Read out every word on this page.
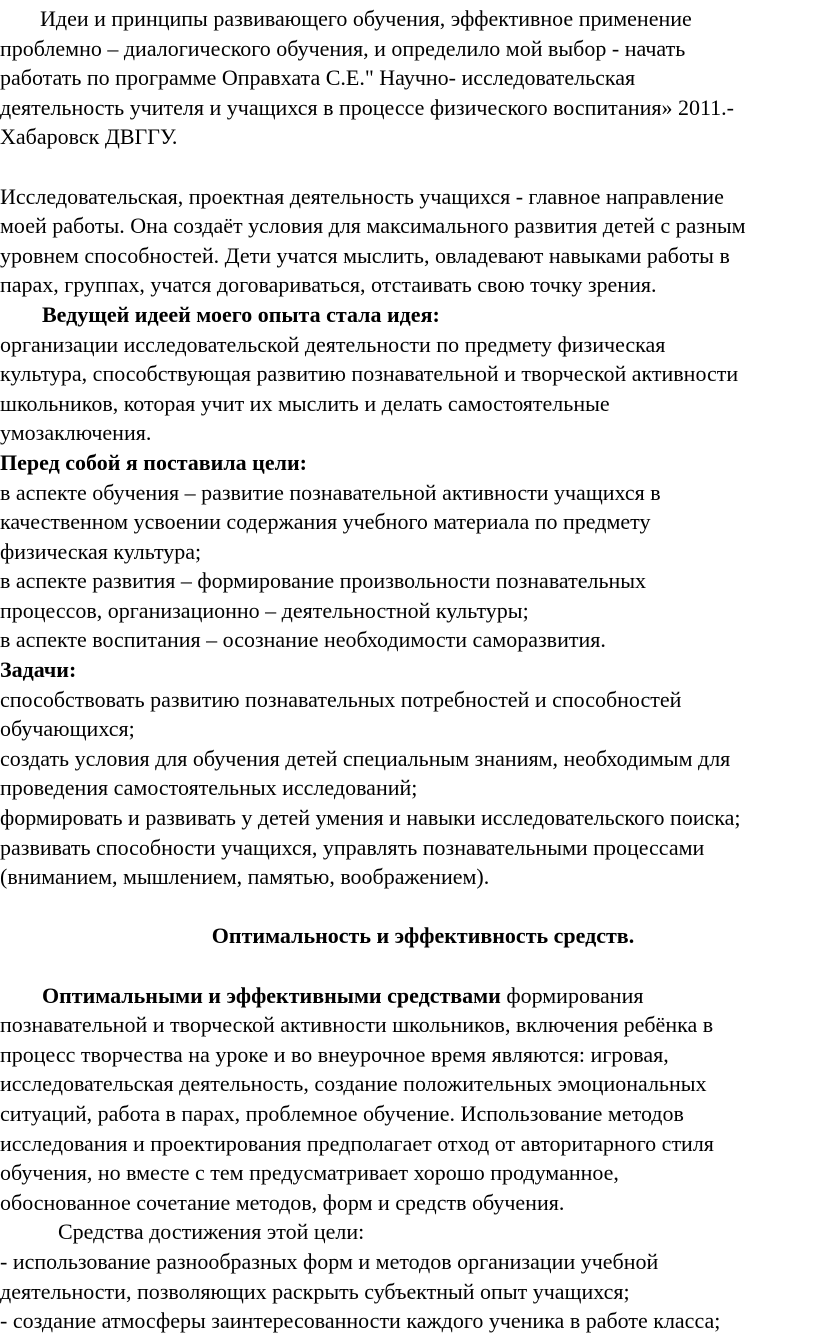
Идеи и принципы развивающего обучения, эффективное применение
проблемно – диалогического обучения, и определило мой выбор - начать
работать по программе Оправхата С.Е." Научно- исследовательская
деятельность учителя и учащихся в процессе физического воспитания» 2011.-
Хабаровск ДВГГУ.
Исследовательская, проектная деятельность учащихся - главное направление
моей работы. Она создаёт условия для максимального развития детей с разным
уровнем способностей. Дети учатся мыслить, овладевают навыками работы в
парах, группах, учатся договариваться, отстаивать свою точку зрения.
Ведущей идеей моего опыта стала идея:
организации исследовательской деятельности по предмету физическая
культура, способствующая развитию познавательной и творческой активности
школьников, которая учит их мыслить и делать самостоятельные
умозаключения.
Перед собой я поставила цели:
в аспекте обучения – развитие познавательной активности учащихся в
качественном усвоении содержания учебного материала по предмету
физическая культура;
в аспекте развития – формирование произвольности познавательных
процессов, организационно – деятельностной культуры;
в аспекте воспитания – осознание необходимости саморазвития.
Задачи:
способствовать развитию познавательных потребностей и способностей
обучающихся;
создать условия для обучения детей специальным знаниям, необходимым для
проведения самостоятельных исследований;
формировать и развивать у детей умения и навыки исследовательского поиска;
развивать способности учащихся, управлять познавательными процессами
(вниманием, мышлением, памятью, воображением).
Оптимальность и эффективность средств.
Оптимальными и эффективными средствами формирования
познавательной и творческой активности школьников, включения ребёнка в
процесс творчества на уроке и во внеурочное время являются: игровая,
исследовательская деятельность, создание положительных эмоциональных
ситуаций, работа в парах, проблемное обучение. Использование методов
исследования и проектирования предполагает отход от авторитарного стиля
обучения, но вместе с тем предусматривает хорошо продуманное,
обоснованное сочетание методов, форм и средств обучения.
Средства достижения этой цели:
- использование разнообразных форм и методов организации учебной
деятельности, позволяющих раскрыть субъектный опыт учащихся;
- создание атмосферы заинтересованности каждого ученика в работе класса;
